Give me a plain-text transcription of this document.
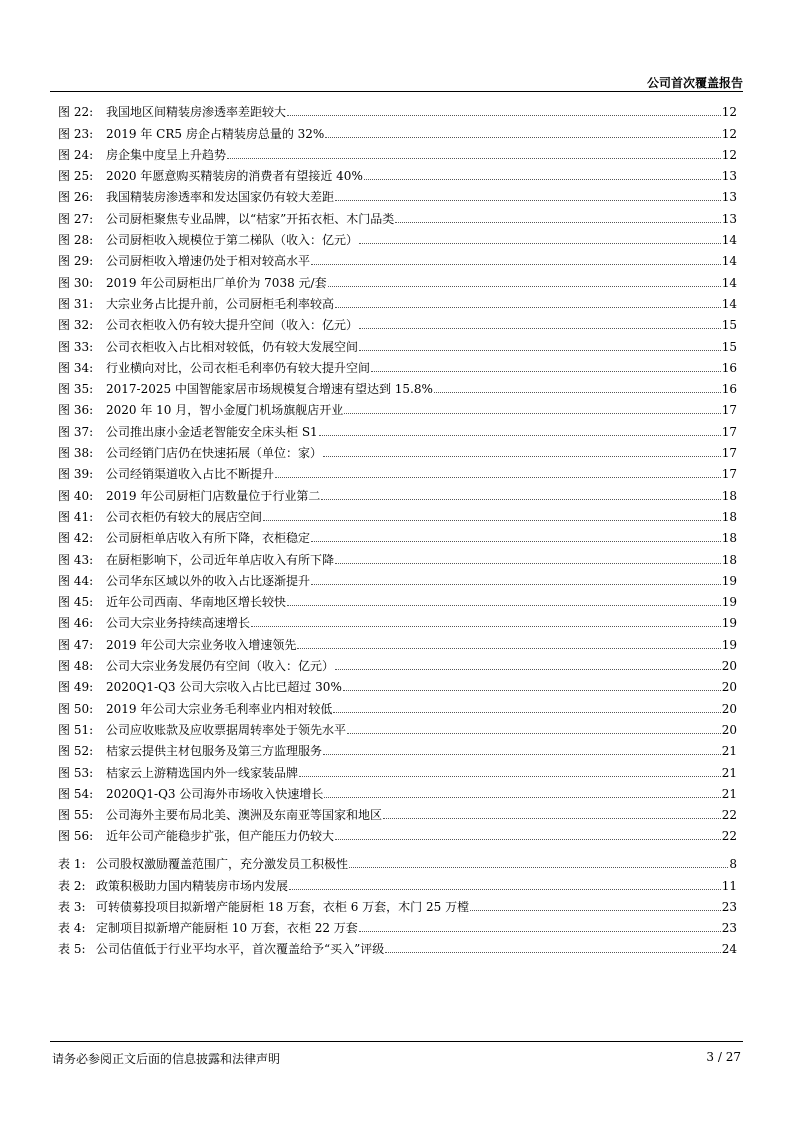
公司首次覆盖报告
图 22:	我国地区间精装房渗透率差距较大	12
图 23:	2019 年 CR5 房企占精装房总量的 32%	12
图 24:	房企集中度呈上升趋势	12
图 25:	2020 年愿意购买精装房的消费者有望接近 40%	13
图 26:	我国精装房渗透率和发达国家仍有较大差距	13
图 27:	公司厨柜聚焦专业品牌，以“桔家”开拓衣柜、木门品类	13
图 28:	公司厨柜收入规模位于第二梯队（收入：亿元）	14
图 29:	公司厨柜收入增速仍处于相对较高水平	14
图 30:	2019 年公司厨柜出厂单价为 7038 元/套	14
图 31:	大宗业务占比提升前，公司厨柜毛利率较高	14
图 32:	公司衣柜收入仍有较大提升空间（收入：亿元）	15
图 33:	公司衣柜收入占比相对较低，仍有较大发展空间	15
图 34:	行业横向对比，公司衣柜毛利率仍有较大提升空间	16
图 35:	2017-2025 中国智能家居市场规模复合增速有望达到 15.8%	16
图 36:	2020 年 10 月，智小金厦门机场旗舰店开业	17
图 37:	公司推出康小金适老智能安全床头柜 S1	17
图 38:	公司经销门店仍在快速拓展（单位：家）	17
图 39:	公司经销渠道收入占比不断提升	17
图 40:	2019 年公司厨柜门店数量位于行业第二	18
图 41:	公司衣柜仍有较大的展店空间	18
图 42:	公司厨柜单店收入有所下降，衣柜稳定	18
图 43:	在厨柜影响下，公司近年单店收入有所下降	18
图 44:	公司华东区域以外的收入占比逐渐提升	19
图 45:	近年公司西南、华南地区增长较快	19
图 46:	公司大宗业务持续高速增长	19
图 47:	2019 年公司大宗业务收入增速领先	19
图 48:	公司大宗业务发展仍有空间（收入：亿元）	20
图 49:	2020Q1-Q3 公司大宗收入占比已超过 30%	20
图 50:	2019 年公司大宗业务毛利率业内相对较低	20
图 51:	公司应收账款及应收票据周转率处于领先水平	20
图 52:	桔家云提供主材包服务及第三方监理服务	21
图 53:	桔家云上游精选国内外一线家装品牌	21
图 54:	2020Q1-Q3 公司海外市场收入快速增长	21
图 55:	公司海外主要布局北美、澳洲及东南亚等国家和地区	22
图 56:	近年公司产能稳步扩张，但产能压力仍较大	22
表 1: 公司股权激励覆盖范围广，充分激发员工积极性	8
表 2: 政策积极助力国内精装房市场内发展	11
表 3: 可转债募投项目拟新增产能厨柜 18 万套，衣柜 6 万套，木门 25 万樘	23
表 4: 定制项目拟新增产能厨柜 10 万套，衣柜 22 万套	23
表 5: 公司估值低于行业平均水平，首次覆盖给予“买入”评级	24
请务必参阅正文后面的信息披露和法律声明	3 / 27
